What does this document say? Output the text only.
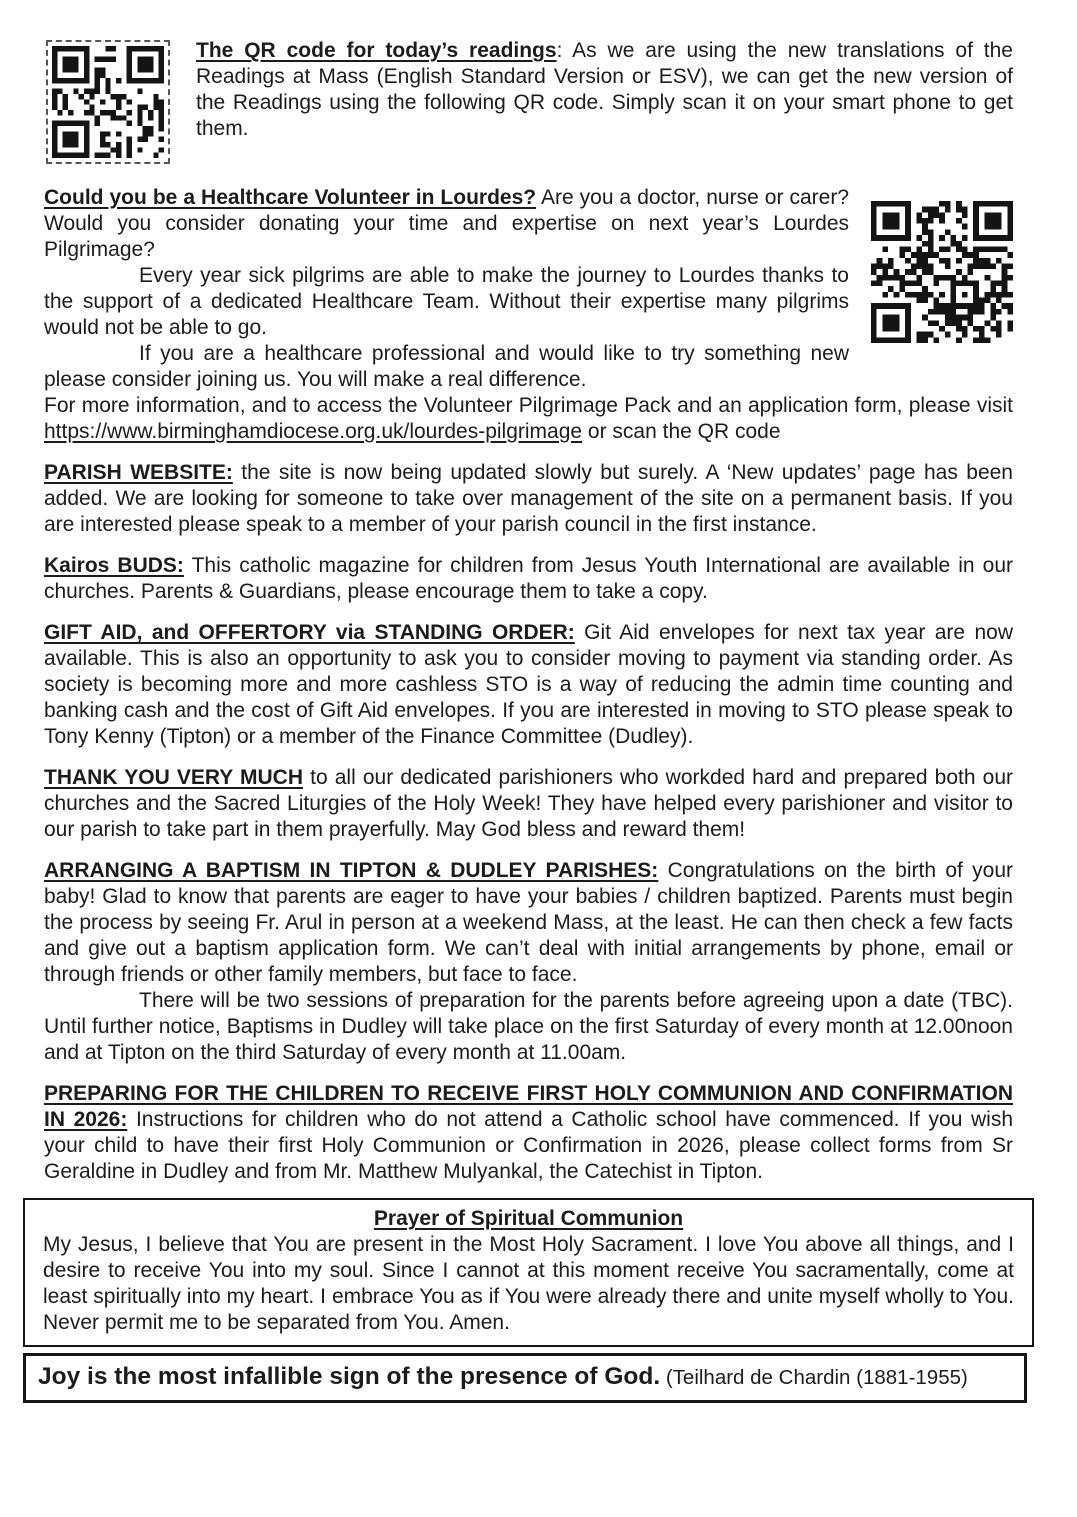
The QR code for today’s readings: As we are using the new translations of the Readings at Mass (English Standard Version or ESV), we can get the new version of the Readings using the following QR code. Simply scan it on your smart phone to get them.

Could you be a Healthcare Volunteer in Lourdes? Are you a doctor, nurse or carer? Would you consider donating your time and expertise on next year’s Lourdes Pilgrimage?

Every year sick pilgrims are able to make the journey to Lourdes thanks to the support of a dedicated Healthcare Team. Without their expertise many pilgrims would not be able to go.

If you are a healthcare professional and would like to try something new please consider joining us. You will make a real difference.

For more information, and to access the Volunteer Pilgrimage Pack and an application form, please visit https://www.birminghamdiocese.org.uk/lourdes-pilgrimage or scan the QR code

PARISH WEBSITE: the site is now being updated slowly but surely. A ‘New updates’ page has been added. We are looking for someone to take over management of the site on a permanent basis. If you are interested please speak to a member of your parish council in the first instance.

Kairos BUDS: This catholic magazine for children from Jesus Youth International are available in our churches. Parents & Guardians, please encourage them to take a copy.

GIFT AID, and OFFERTORY via STANDING ORDER: Git Aid envelopes for next tax year are now available. This is also an opportunity to ask you to consider moving to payment via standing order. As society is becoming more and more cashless STO is a way of reducing the admin time counting and banking cash and the cost of Gift Aid envelopes. If you are interested in moving to STO please speak to Tony Kenny (Tipton) or a member of the Finance Committee (Dudley).

THANK YOU VERY MUCH to all our dedicated parishioners who workded hard and prepared both our churches and the Sacred Liturgies of the Holy Week! They have helped every parishioner and visitor to our parish to take part in them prayerfully. May God bless and reward them!

ARRANGING A BAPTISM IN TIPTON & DUDLEY PARISHES: Congratulations on the birth of your baby! Glad to know that parents are eager to have your babies / children baptized. Parents must begin the process by seeing Fr. Arul in person at a weekend Mass, at the least. He can then check a few facts and give out a baptism application form. We can’t deal with initial arrangements by phone, email or through friends or other family members, but face to face.

There will be two sessions of preparation for the parents before agreeing upon a date (TBC). Until further notice, Baptisms in Dudley will take place on the first Saturday of every month at 12.00noon and at Tipton on the third Saturday of every month at 11.00am.

PREPARING FOR THE CHILDREN TO RECEIVE FIRST HOLY COMMUNION AND CONFIRMATION IN 2026: Instructions for children who do not attend a Catholic school have commenced. If you wish your child to have their first Holy Communion or Confirmation in 2026, please collect forms from Sr Geraldine in Dudley and from Mr. Matthew Mulyankal, the Catechist in Tipton.

Prayer of Spiritual Communion

My Jesus, I believe that You are present in the Most Holy Sacrament. I love You above all things, and I desire to receive You into my soul. Since I cannot at this moment receive You sacramentally, come at least spiritually into my heart. I embrace You as if You were already there and unite myself wholly to You. Never permit me to be separated from You. Amen.

Joy is the most infallible sign of the presence of God. (Teilhard de Chardin (1881-1955)
